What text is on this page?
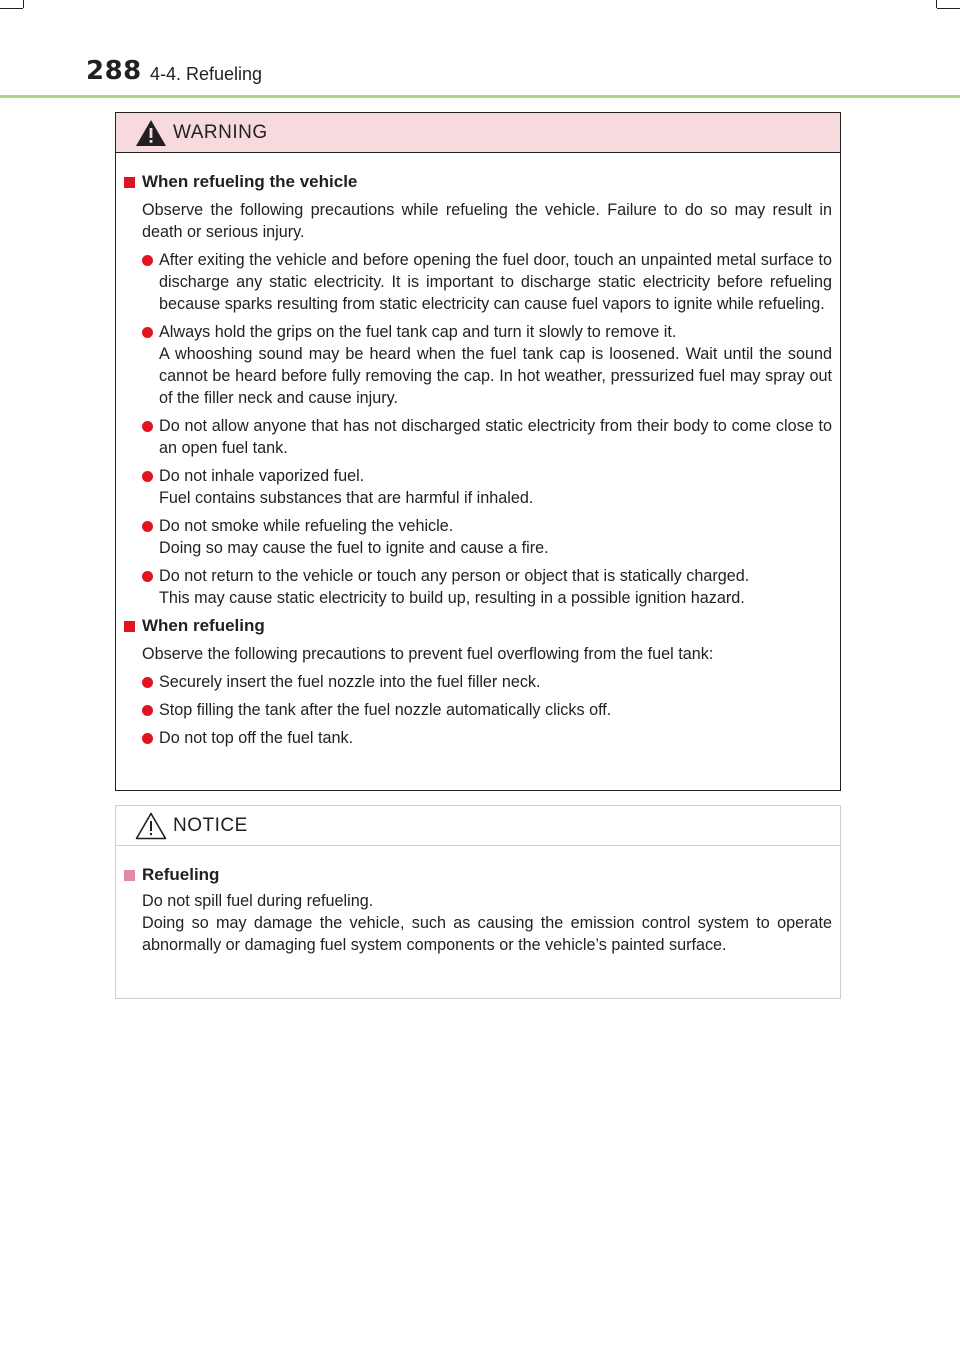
288 4-4. Refueling
WARNING
When refueling the vehicle
Observe the following precautions while refueling the vehicle. Failure to do so may result in death or serious injury.
After exiting the vehicle and before opening the fuel door, touch an unpainted metal surface to discharge any static electricity. It is important to discharge static electricity before refueling because sparks resulting from static electricity can cause fuel vapors to ignite while refueling.
Always hold the grips on the fuel tank cap and turn it slowly to remove it.
A whooshing sound may be heard when the fuel tank cap is loosened. Wait until the sound cannot be heard before fully removing the cap. In hot weather, pressurized fuel may spray out of the filler neck and cause injury.
Do not allow anyone that has not discharged static electricity from their body to come close to an open fuel tank.
Do not inhale vaporized fuel.
Fuel contains substances that are harmful if inhaled.
Do not smoke while refueling the vehicle.
Doing so may cause the fuel to ignite and cause a fire.
Do not return to the vehicle or touch any person or object that is statically charged.
This may cause static electricity to build up, resulting in a possible ignition hazard.
When refueling
Observe the following precautions to prevent fuel overflowing from the fuel tank:
Securely insert the fuel nozzle into the fuel filler neck.
Stop filling the tank after the fuel nozzle automatically clicks off.
Do not top off the fuel tank.
NOTICE
Refueling
Do not spill fuel during refueling.
Doing so may damage the vehicle, such as causing the emission control system to operate abnormally or damaging fuel system components or the vehicle’s painted surface.
